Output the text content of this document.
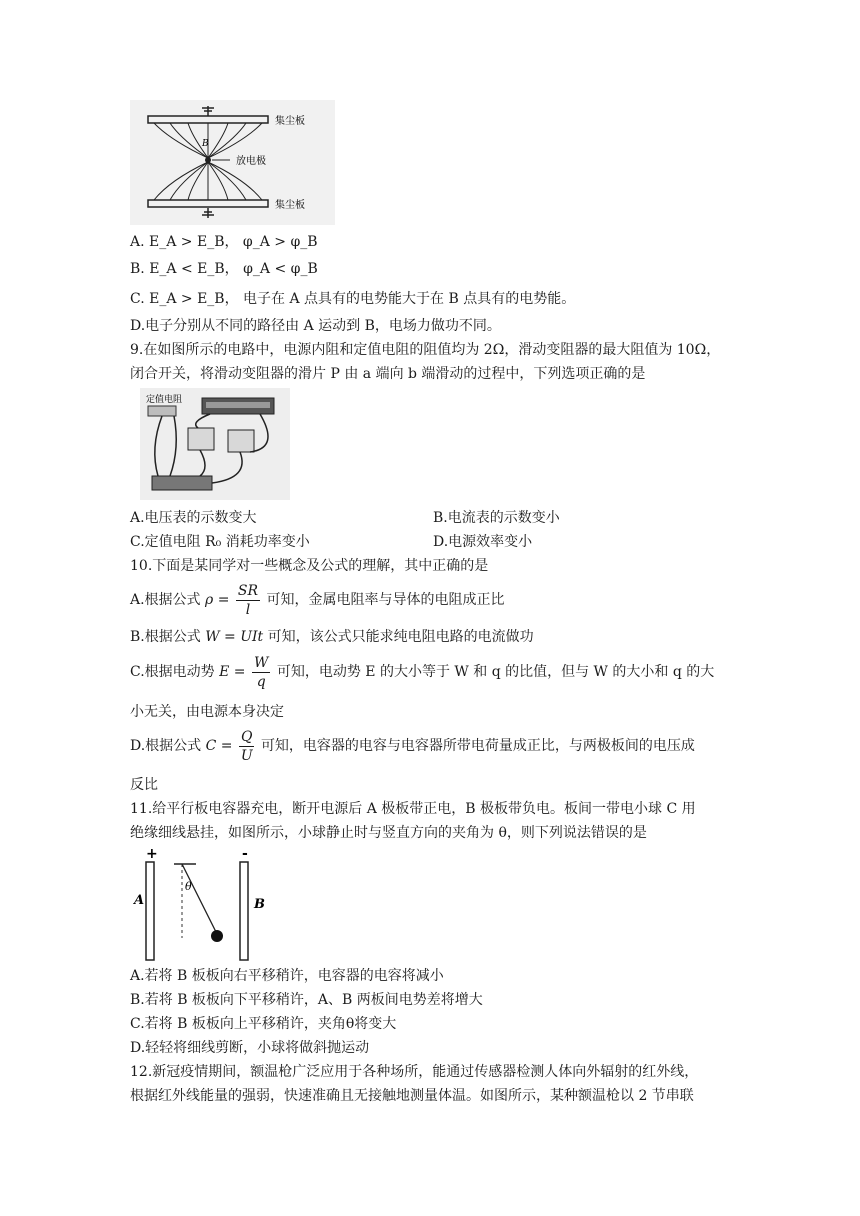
B
集尘板
放电极
集尘板
A. E_A > E_B， φ_A > φ_B
B. E_A < E_B， φ_A < φ_B
C. E_A > E_B， 电子在 A 点具有的电势能大于在 B 点具有的电势能。
D.电子分别从不同的路径由 A 运动到 B，电场力做功不同。
9.在如图所示的电路中，电源内阻和定值电阻的阻值均为 2Ω，滑动变阻器的最大阻值为 10Ω，
闭合开关，将滑动变阻器的滑片 P 由 a 端向 b 端滑动的过程中，下列选项正确的是
定值电阻
A.电压表的示数变大	B.电流表的示数变小
C.定值电阻 R₀ 消耗功率变小	D.电源效率变小
10.下面是某同学对一些概念及公式的理解，其中正确的是
A.根据公式 $\rho = \frac{SR}{l}$ 可知，金属电阻率与导体的电阻成正比
B.根据公式 W = UIt 可知，该公式只能求纯电阻电路的电流做功
C.根据电动势 $E = \frac{W}{q}$ 可知，电动势 E 的大小等于 W 和 q 的比值，但与 W 的大小和 q 的大
小无关，由电源本身决定
D.根据公式 $C = \frac{Q}{U}$ 可知，电容器的电容与电容器所带电荷量成正比，与两极板间的电压成
反比
11.给平行板电容器充电，断开电源后 A 极板带正电，B 极板带负电。板间一带电小球 C 用
绝缘细线悬挂，如图所示，小球静止时与竖直方向的夹角为 θ，则下列说法错误的是
+	-
A	B
θ
A.若将 B 板板向右平移稍许，电容器的电容将减小
B.若将 B 板板向下平移稍许，A、B 两板间电势差将增大
C.若将 B 板板向上平移稍许，夹角θ将变大
D.轻轻将细线剪断，小球将做斜抛运动
12.新冠疫情期间，额温枪广泛应用于各种场所，能通过传感器检测人体向外辐射的红外线，
根据红外线能量的强弱，快速准确且无接触地测量体温。如图所示，某种额温枪以 2 节串联
